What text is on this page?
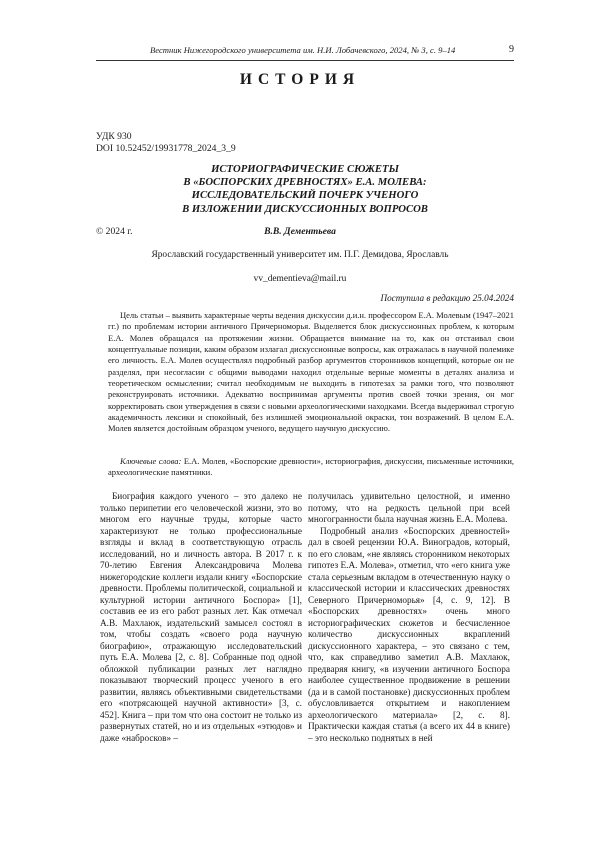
Вестник Нижегородского университета им. Н.И. Лобачевского, 2024, № 3, с. 9–14	9
ИСТОРИЯ
УДК 930
DOI 10.52452/19931778_2024_3_9
ИСТОРИОГРАФИЧЕСКИЕ СЮЖЕТЫ
В «БОСПОРСКИХ ДРЕВНОСТЯХ» Е.А. МОЛЕВА:
ИССЛЕДОВАТЕЛЬСКИЙ ПОЧЕРК УЧЕНОГО
В ИЗЛОЖЕНИИ ДИСКУССИОННЫХ ВОПРОСОВ
© 2024 г.	В.В. Дементьева
Ярославский государственный университет им. П.Г. Демидова, Ярославль
vv_dementieva@mail.ru
Поступила в редакцию 25.04.2024

Цель статьи – выявить характерные черты ведения дискуссии д.и.н. профессором Е.А. Молевым (1947–2021 гг.) по проблемам истории античного Причерноморья. Выделяется блок дискуссионных проблем, к которым Е.А. Молев обращался на протяжении жизни. Обращается внимание на то, как он отстаивал свои концептуальные позиции, каким образом излагал дискуссионные вопросы, как отражалась в научной полемике его личность. Е.А. Молев осуществлял подробный разбор аргументов сторонников концепций, которые он не разделял, при несогласии с общими выводами находил отдельные верные моменты в деталях анализа и теоретическом осмыслении; считал необходимым не выходить в гипотезах за рамки того, что позволяют реконструировать источники. Адекватно воспринимая аргументы против своей точки зрения, он мог корректировать свои утверждения в связи с новыми археологическими находками. Всегда выдерживал строгую академичность лексики и спокойный, без излишней эмоциональной окраски, тон возражений. В целом Е.А. Молев является достойным образцом ученого, ведущего научную дискуссию.

Ключевые слова: Е.А. Молев, «Боспорские древности», историография, дискуссии, письменные источники, археологические памятники.

Биография каждого ученого – это далеко не только перипетии его человеческой жизни, это во многом его научные труды, которые часто характеризуют не только профессиональные взгляды и вклад в соответствующую отрасль исследований, но и личность автора. В 2017 г. к 70-летию Евгения Александровича Молева нижегородские коллеги издали книгу «Боспорские древности. Проблемы политической, социальной и культурной истории античного Боспора» [1], составив ее из его работ разных лет. Как отмечал А.В. Махлаюк, издательский замысел состоял в том, чтобы создать «своего рода научную биографию», отражающую исследовательский путь Е.А. Молева [2, с. 8]. Собранные под одной обложкой публикации разных лет наглядно показывают творческий процесс ученого в его развитии, являясь объективными свидетельствами его «потрясающей научной активности» [3, с. 452]. Книга – при том что она состоит не только из развернутых статей, но и из отдельных «этюдов» и даже «набросков» –

получилась удивительно целостной, и именно потому, что на редкость цельной при всей многогранности была научная жизнь Е.А. Молева.

Подробный анализ «Боспорских древностей» дал в своей рецензии Ю.А. Виноградов, который, по его словам, «не являясь сторонником некоторых гипотез Е.А. Молева», отметил, что «его книга уже стала серьезным вкладом в отечественную науку о классической истории и классических древностях Северного Причерноморья» [4, с. 9, 12]. В «Боспорских древностях» очень много историографических сюжетов и бесчисленное количество дискуссионных вкраплений дискуссионного характера, – это связано с тем, что, как справедливо заметил А.В. Махлаюк, предваряя книгу, «в изучении античного Боспора наиболее существенное продвижение в решении (да и в самой постановке) дискуссионных проблем обусловливается открытием и накоплением археологического материала» [2, с. 8]. Практически каждая статья (а всего их 44 в книге) – это несколько поднятых в ней
